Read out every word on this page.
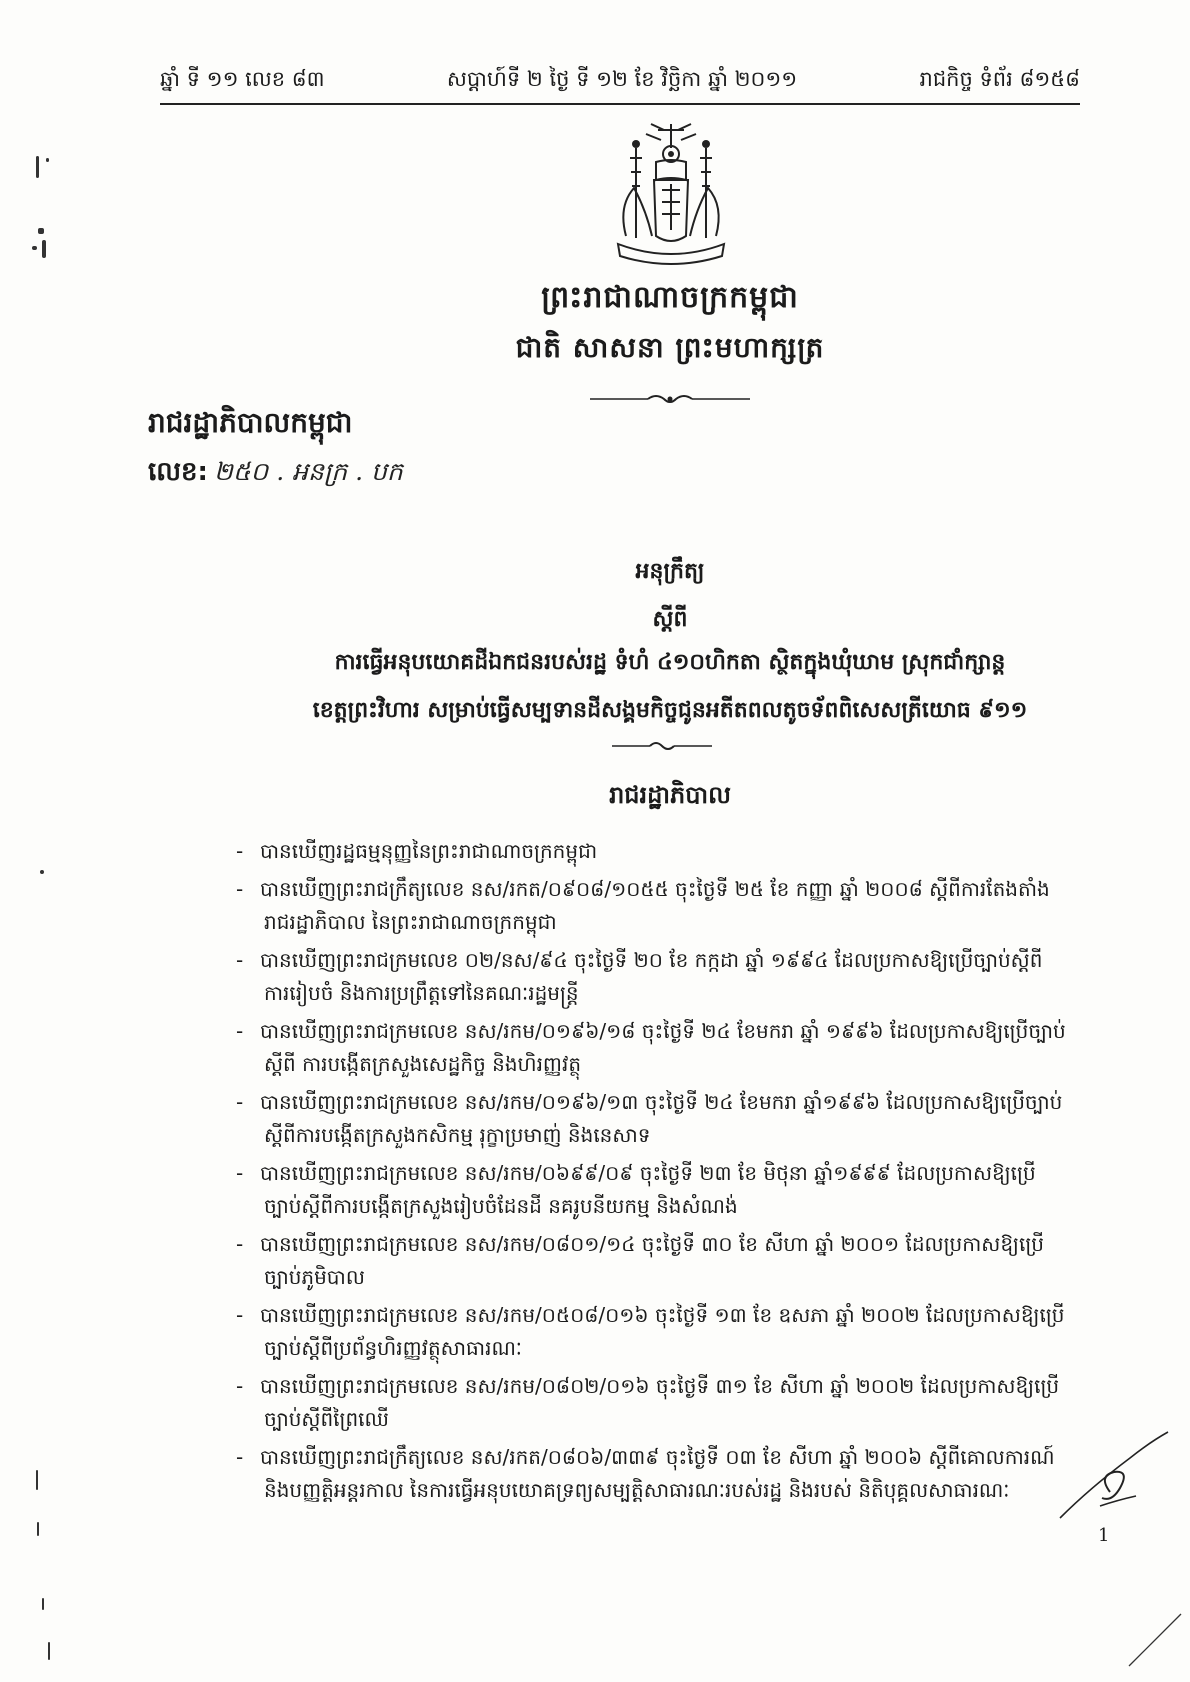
ឆ្នាំ ទី ១១ លេខ ៨៣	សប្តាហ៍ទី ២ ថ្ងៃ ទី ១២ ខែ វិច្ឆិកា ឆ្នាំ ២០១១	រាជកិច្ច ទំព័រ ៨១៥៨
ព្រះរាជាណាចក្រកម្ពុជា
ជាតិ សាសនា ព្រះមហាក្សត្រ
រាជរដ្ឋាភិបាលកម្ពុជា
លេខ: ២៥០ . អនក្រ . បក
អនុក្រឹត្យ
ស្តីពី
ការធ្វើអនុបយោគដីឯកជនរបស់រដ្ឋ ទំហំ ៤១០ហិកតា ស្ថិតក្នុងឃុំឃាម ស្រុកជាំក្សាន្ត
ខេត្តព្រះវិហារ សម្រាប់ធ្វើសម្បទានដីសង្គមកិច្ចជូនអតីតពលតូចទ័ពពិសេសត្រីយោធ ៩១១
រាជរដ្ឋាភិបាល
- បានឃើញរដ្ឋធម្មនុញ្ញនៃព្រះរាជាណាចក្រកម្ពុជា
- បានឃើញព្រះរាជក្រឹត្យលេខ នស/រកត/០៩០៨/១០៥៥ ចុះថ្ងៃទី ២៥ ខែ កញ្ញា ឆ្នាំ ២០០៨ ស្តីពីការតែងតាំង
រាជរដ្ឋាភិបាល នៃព្រះរាជាណាចក្រកម្ពុជា
- បានឃើញព្រះរាជក្រមលេខ ០២/នស/៩៤ ចុះថ្ងៃទី ២០ ខែ កក្កដា ឆ្នាំ ១៩៩៤ ដែលប្រកាសឱ្យប្រើច្បាប់ស្តីពី
ការរៀបចំ និងការប្រព្រឹត្តទៅនៃគណៈរដ្ឋមន្ត្រី
- បានឃើញព្រះរាជក្រមលេខ នស/រកម/០១៩៦/១៨ ចុះថ្ងៃទី ២៤ ខែមករា ឆ្នាំ ១៩៩៦ ដែលប្រកាសឱ្យប្រើច្បាប់
ស្តីពី ការបង្កើតក្រសួងសេដ្ឋកិច្ច និងហិរញ្ញវត្ថុ
- បានឃើញព្រះរាជក្រមលេខ នស/រកម/០១៩៦/១៣ ចុះថ្ងៃទី ២៤ ខែមករា ឆ្នាំ១៩៩៦ ដែលប្រកាសឱ្យប្រើច្បាប់
ស្តីពីការបង្កើតក្រសួងកសិកម្ម រុក្ខាប្រមាញ់ និងនេសាទ
- បានឃើញព្រះរាជក្រមលេខ នស/រកម/០៦៩៩/០៩ ចុះថ្ងៃទី ២៣ ខែ មិថុនា ឆ្នាំ១៩៩៩ ដែលប្រកាសឱ្យប្រើ
ច្បាប់ស្តីពីការបង្កើតក្រសួងរៀបចំដែនដី នគរូបនីយកម្ម និងសំណង់
- បានឃើញព្រះរាជក្រមលេខ នស/រកម/០៨០១/១៤ ចុះថ្ងៃទី ៣០ ខែ សីហា ឆ្នាំ ២០០១ ដែលប្រកាសឱ្យប្រើ
ច្បាប់ភូមិបាល
- បានឃើញព្រះរាជក្រមលេខ នស/រកម/០៥០៨/០១៦ ចុះថ្ងៃទី ១៣ ខែ ឧសភា ឆ្នាំ ២០០២ ដែលប្រកាសឱ្យប្រើ
ច្បាប់ស្តីពីប្រព័ន្ធហិរញ្ញវត្ថុសាធារណៈ
- បានឃើញព្រះរាជក្រមលេខ នស/រកម/០៨០២/០១៦ ចុះថ្ងៃទី ៣១ ខែ សីហា ឆ្នាំ ២០០២ ដែលប្រកាសឱ្យប្រើ
ច្បាប់ស្តីពីព្រៃឈើ
- បានឃើញព្រះរាជក្រឹត្យលេខ នស/រកត/០៨០៦/៣៣៩ ចុះថ្ងៃទី ០៣ ខែ សីហា ឆ្នាំ ២០០៦ ស្តីពីគោលការណ៍
និងបញ្ញត្តិអន្តរកាល នៃការធ្វើអនុបយោគទ្រព្យសម្បត្តិសាធារណៈរបស់រដ្ឋ និងរបស់ និតិបុគ្គលសាធារណៈ
1
